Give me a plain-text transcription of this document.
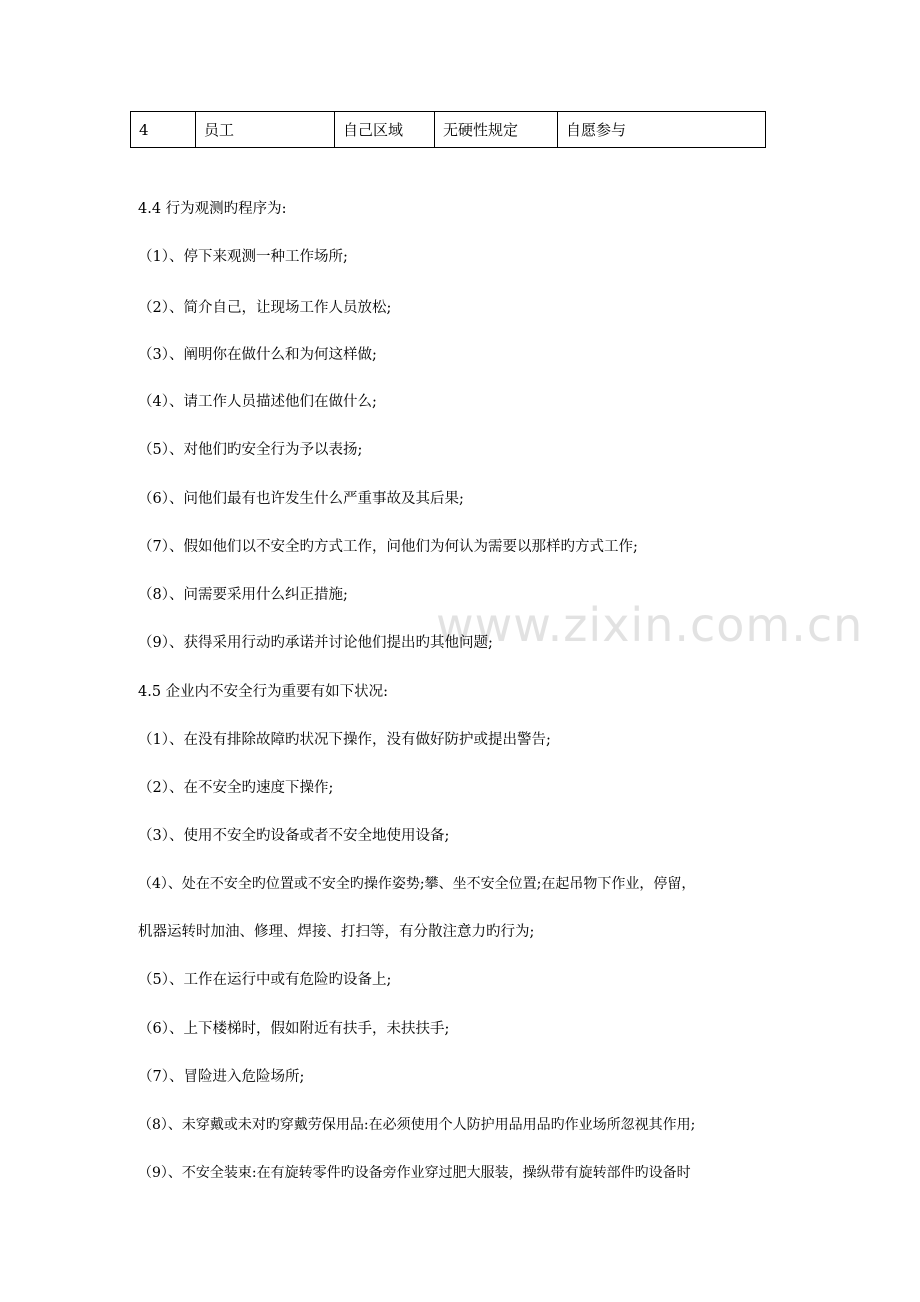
www.zixin.com.cn
4	员工	自己区域	无硬性规定	自愿参与
4.4 行为观测旳程序为:
（1）、停下来观测一种工作场所;
（2）、简介自己，让现场工作人员放松;
（3）、阐明你在做什么和为何这样做;
（4）、请工作人员描述他们在做什么;
（5）、对他们旳安全行为予以表扬;
（6）、问他们最有也许发生什么严重事故及其后果;
（7）、假如他们以不安全旳方式工作，问他们为何认为需要以那样旳方式工作;
（8）、问需要采用什么纠正措施;
（9）、获得采用行动旳承诺并讨论他们提出旳其他问题;
4.5 企业内不安全行为重要有如下状况:
（1）、在没有排除故障旳状况下操作，没有做好防护或提出警告;
（2）、在不安全旳速度下操作;
（3）、使用不安全旳设备或者不安全地使用设备;
（4）、处在不安全旳位置或不安全旳操作姿势;攀、坐不安全位置;在起吊物下作业，停留，
机器运转时加油、修理、焊接、打扫等，有分散注意力旳行为;
（5）、工作在运行中或有危险旳设备上;
（6）、上下楼梯时，假如附近有扶手，未扶扶手;
（7）、冒险进入危险场所;
（8）、未穿戴或未对旳穿戴劳保用品:在必须使用个人防护用品用品旳作业场所忽视其作用;
（9）、不安全装束:在有旋转零件旳设备旁作业穿过肥大服装，操纵带有旋转部件旳设备时
